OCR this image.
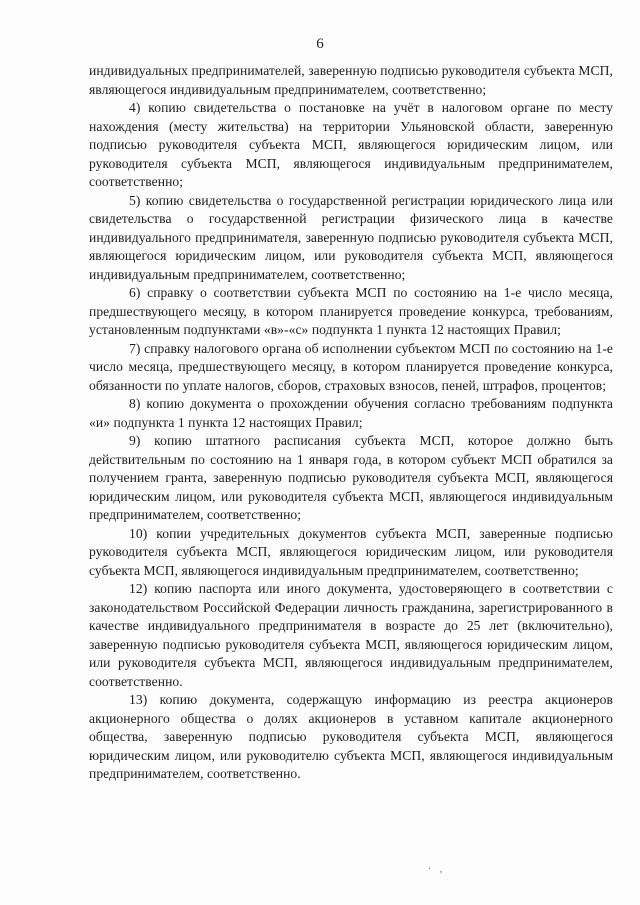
6

индивидуальных предпринимателей, заверенную подписью руководителя субъекта МСП, являющегося индивидуальным предпринимателем, соответственно;

4) копию свидетельства о постановке на учёт в налоговом органе по месту нахождения (месту жительства) на территории Ульяновской области, заверенную подписью руководителя субъекта МСП, являющегося юридическим лицом, или руководителя субъекта МСП, являющегося индивидуальным предпринимателем, соответственно;

5) копию свидетельства о государственной регистрации юридического лица или свидетельства о государственной регистрации физического лица в качестве индивидуального предпринимателя, заверенную подписью руководителя субъекта МСП, являющегося юридическим лицом, или руководителя субъекта МСП, являющегося индивидуальным предпринимателем, соответственно;

6) справку о соответствии субъекта МСП по состоянию на 1-е число месяца, предшествующего месяцу, в котором планируется проведение конкурса, требованиям, установленным подпунктами «в»-«с» подпункта 1 пункта 12 настоящих Правил;

7) справку налогового органа об исполнении субъектом МСП по состоянию на 1-е число месяца, предшествующего месяцу, в котором планируется проведение конкурса, обязанности по уплате налогов, сборов, страховых взносов, пеней, штрафов, процентов;

8) копию документа о прохождении обучения согласно требованиям подпункта «и» подпункта 1 пункта 12 настоящих Правил;

9) копию штатного расписания субъекта МСП, которое должно быть действительным по состоянию на 1 января года, в котором субъект МСП обратился за получением гранта, заверенную подписью руководителя субъекта МСП, являющегося юридическим лицом, или руководителя субъекта МСП, являющегося индивидуальным предпринимателем, соответственно;

10) копии учредительных документов субъекта МСП, заверенные подписью руководителя субъекта МСП, являющегося юридическим лицом, или руководителя субъекта МСП, являющегося индивидуальным предпринимателем, соответственно;

12) копию паспорта или иного документа, удостоверяющего в соответствии с законодательством Российской Федерации личность гражданина, зарегистрированного в качестве индивидуального предпринимателя в возрасте до 25 лет (включительно), заверенную подписью руководителя субъекта МСП, являющегося юридическим лицом, или руководителя субъекта МСП, являющегося индивидуальным предпринимателем, соответственно.

13) копию документа, содержащую информацию из реестра акционеров акционерного общества о долях акционеров в уставном капитале акционерного общества, заверенную подписью руководителя субъекта МСП, являющегося юридическим лицом, или руководителю субъекта МСП, являющегося индивидуальным предпринимателем, соответственно.

· ,
